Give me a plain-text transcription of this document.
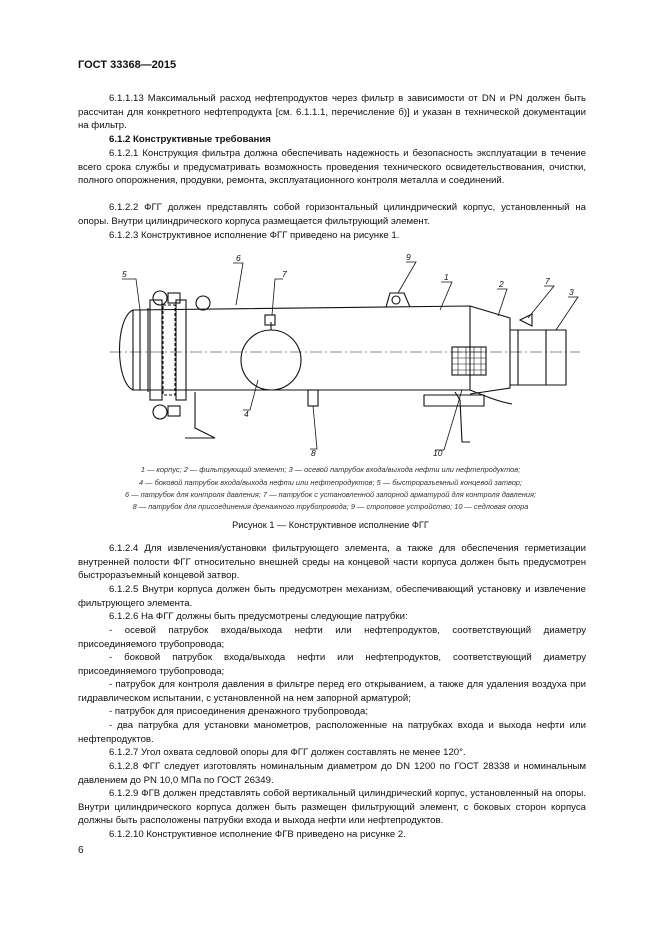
ГОСТ 33368—2015

6.1.1.13 Максимальный расход нефтепродуктов через фильтр в зависимости от DN и PN должен быть рассчитан для конкретного нефтепродукта [см. 6.1.1.1, перечисление б)] и указан в технической документации на фильтр.

6.1.2 Конструктивные требования

6.1.2.1 Конструкция фильтра должна обеспечивать надежность и безопасность эксплуатации в течение всего срока службы и предусматривать возможность проведения технического освидетельствования, очистки, полного опорожнения, продувки, ремонта, эксплуатационного контроля металла и соединений.

6.1.2.2 ФГГ должен представлять собой горизонтальный цилиндрический корпус, установленный на опоры. Внутри цилиндрического корпуса размещается фильтрующий элемент.

6.1.2.3 Конструктивное исполнение ФГГ приведено на рисунке 1.

5
6
7
9
1
2	7
3
4
8	10
1 — корпус; 2 — фильтрующий элемент; 3 — осевой патрубок входа/выхода нефти или нефтепродуктов;
4 — боковой патрубок входа/выхода нефти или нефтепродуктов; 5 — быстроразъемный концевой затвор;
6 — патрубок для контроля давления; 7 — патрубок с установленной запорной арматурой для контроля давления;
8 — патрубок для присоединения дренажного трубопровода; 9 — строповое устройство; 10 — седловая опора
Рисунок 1 — Конструктивное исполнение ФГГ

6.1.2.4 Для извлечения/установки фильтрующего элемента, а также для обеспечения герметизации внутренней полости ФГГ относительно внешней среды на концевой части корпуса должен быть предусмотрен быстроразъемный концевой затвор.

6.1.2.5 Внутри корпуса должен быть предусмотрен механизм, обеспечивающий установку и извлечение фильтрующего элемента.

6.1.2.6 На ФГГ должны быть предусмотрены следующие патрубки:

- осевой патрубок входа/выхода нефти или нефтепродуктов, соответствующий диаметру присоединяемого трубопровода;

- боковой патрубок входа/выхода нефти или нефтепродуктов, соответствующий диаметру присоединяемого трубопровода;

- патрубок для контроля давления в фильтре перед его открыванием, а также для удаления воздуха при гидравлическом испытании, с установленной на нем запорной арматурой;

- патрубок для присоединения дренажного трубопровода;

- два патрубка для установки манометров, расположенные на патрубках входа и выхода нефти или нефтепродуктов.

6.1.2.7 Угол охвата седловой опоры для ФГГ должен составлять не менее 120°.

6.1.2.8 ФГГ следует изготовлять номинальным диаметром до DN 1200 по ГОСТ 28338 и номинальным давлением до PN 10,0 МПа по ГОСТ 26349.

6.1.2.9 ФГВ должен представлять собой вертикальный цилиндрический корпус, установленный на опоры. Внутри цилиндрического корпуса должен быть размещен фильтрующий элемент, с боковых сторон корпуса должны быть расположены патрубки входа и выхода нефти или нефтепродуктов.

6.1.2.10 Конструктивное исполнение ФГВ приведено на рисунке 2.

6
